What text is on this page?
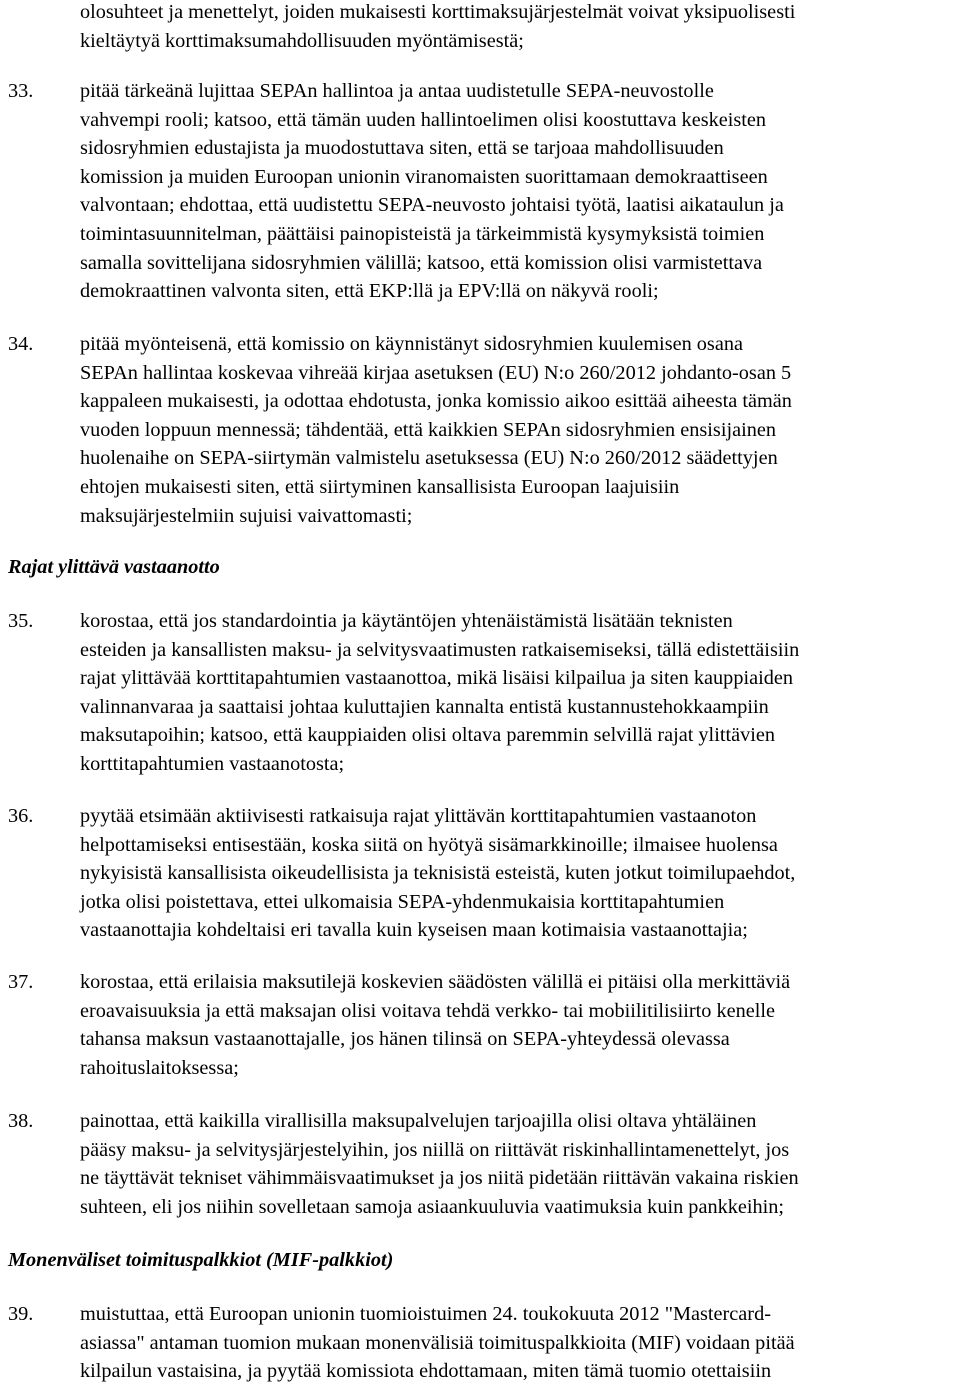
olosuhteet ja menettelyt, joiden mukaisesti korttimaksujärjestelmät voivat yksipuolisesti
kieltäytyä korttimaksumahdollisuuden myöntämisestä;
33. pitää tärkeänä lujittaa SEPAn hallintoa ja antaa uudistetulle SEPA-neuvostolle
vahvempi rooli; katsoo, että tämän uuden hallintoelimen olisi koostuttava keskeisten
sidosryhmien edustajista ja muodostuttava siten, että se tarjoaa mahdollisuuden
komission ja muiden Euroopan unionin viranomaisten suorittamaan demokraattiseen
valvontaan; ehdottaa, että uudistettu SEPA-neuvosto johtaisi työtä, laatisi aikataulun ja
toimintasuunnitelman, päättäisi painopisteistä ja tärkeimmistä kysymyksistä toimien
samalla sovittelijana sidosryhmien välillä; katsoo, että komission olisi varmistettava
demokraattinen valvonta siten, että EKP:llä ja EPV:llä on näkyvä rooli;
34. pitää myönteisenä, että komissio on käynnistänyt sidosryhmien kuulemisen osana
SEPAn hallintaa koskevaa vihreää kirjaa asetuksen (EU) N:o 260/2012 johdanto-osan 5
kappaleen mukaisesti, ja odottaa ehdotusta, jonka komissio aikoo esittää aiheesta tämän
vuoden loppuun mennessä; tähdentää, että kaikkien SEPAn sidosryhmien ensisijainen
huolenaihe on SEPA-siirtymän valmistelu asetuksessa (EU) N:o 260/2012 säädettyjen
ehtojen mukaisesti siten, että siirtyminen kansallisista Euroopan laajuisiin
maksujärjestelmiin sujuisi vaivattomasti;
Rajat ylittävä vastaanotto
35. korostaa, että jos standardointia ja käytäntöjen yhtenäistämistä lisätään teknisten
esteiden ja kansallisten maksu- ja selvitysvaatimusten ratkaisemiseksi, tällä edistettäisiin
rajat ylittävää korttitapahtumien vastaanottoa, mikä lisäisi kilpailua ja siten kauppiaiden
valinnanvaraa ja saattaisi johtaa kuluttajien kannalta entistä kustannustehokkaampiin
maksutapoihin; katsoo, että kauppiaiden olisi oltava paremmin selvillä rajat ylittävien
korttitapahtumien vastaanotosta;
36. pyytää etsimään aktiivisesti ratkaisuja rajat ylittävän korttitapahtumien vastaanoton
helpottamiseksi entisestään, koska siitä on hyötyä sisämarkkinoille; ilmaisee huolensa
nykyisistä kansallisista oikeudellisista ja teknisistä esteistä, kuten jotkut toimilupaehdot,
jotka olisi poistettava, ettei ulkomaisia SEPA-yhdenmukaisia korttitapahtumien
vastaanottajia kohdeltaisi eri tavalla kuin kyseisen maan kotimaisia vastaanottajia;
37. korostaa, että erilaisia maksutilejä koskevien säädösten välillä ei pitäisi olla merkittäviä
eroavaisuuksia ja että maksajan olisi voitava tehdä verkko- tai mobiilitilisiirto kenelle
tahansa maksun vastaanottajalle, jos hänen tilinsä on SEPA-yhteydessä olevassa
rahoituslaitoksessa;
38. painottaa, että kaikilla virallisilla maksupalvelujen tarjoajilla olisi oltava yhtäläinen
pääsy maksu- ja selvitysjärjestelyihin, jos niillä on riittävät riskinhallintamenettelyt, jos
ne täyttävät tekniset vähimmäisvaatimukset ja jos niitä pidetään riittävän vakaina riskien
suhteen, eli jos niihin sovelletaan samoja asiaankuuluvia vaatimuksia kuin pankkeihin;
Monenväliset toimituspalkkiot (MIF-palkkiot)
39. muistuttaa, että Euroopan unionin tuomioistuimen 24. toukokuuta 2012 "Mastercard-
asiassa" antaman tuomion mukaan monenvälisiä toimituspalkkioita (MIF) voidaan pitää
kilpailun vastaisina, ja pyytää komissiota ehdottamaan, miten tämä tuomio otettaisiin
